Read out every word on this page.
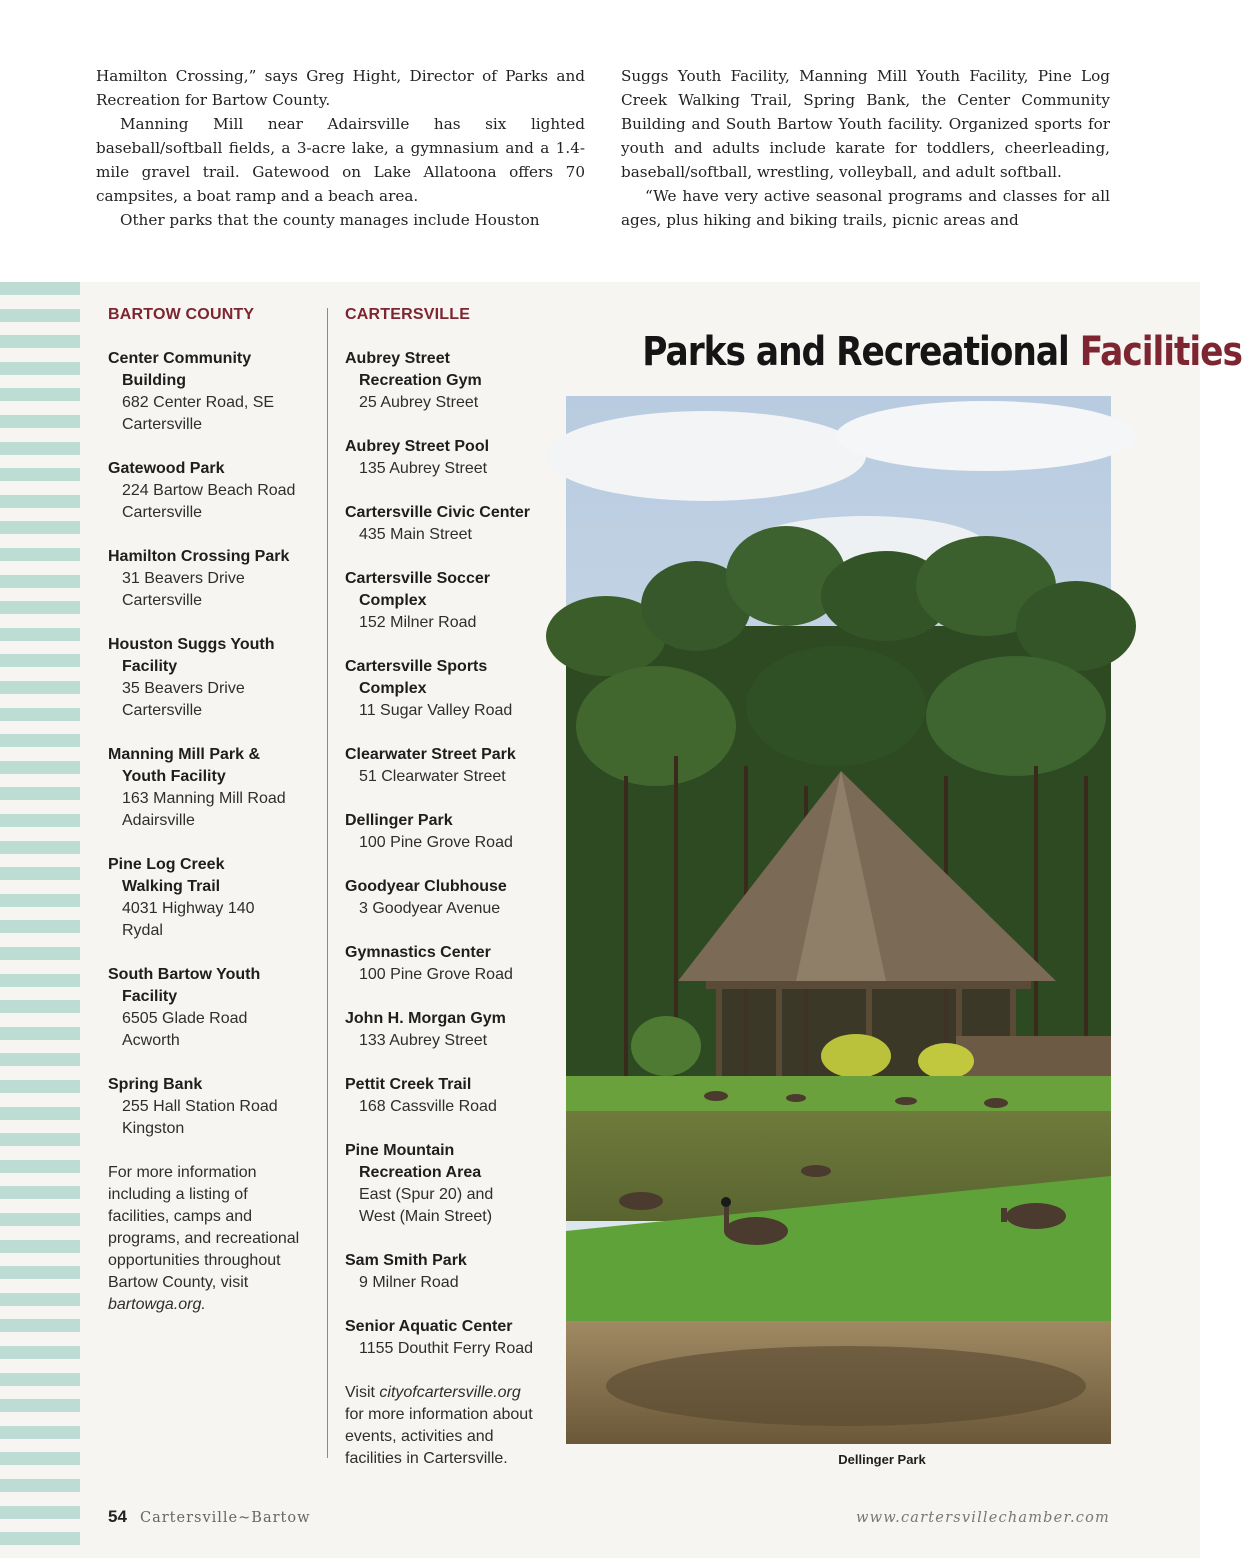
Hamilton Crossing,” says Greg Hight, Director of Parks and Recreation for Bartow County.

Manning Mill near Adairsville has six lighted baseball/softball fields, a 3-acre lake, a gymnasium and a 1.4-mile gravel trail. Gatewood on Lake Allatoona offers 70 campsites, a boat ramp and a beach area.

Other parks that the county manages include Houston

Suggs Youth Facility, Manning Mill Youth Facility, Pine Log Creek Walking Trail, Spring Bank, the Center Community Building and South Bartow Youth facility. Organized sports for youth and adults include karate for toddlers, cheerleading, baseball/softball, wrestling, volleyball, and adult softball.

“We have very active seasonal programs and classes for all ages, plus hiking and biking trails, picnic areas and

BARTOW COUNTY
Center Community
Building
682 Center Road, SE
Cartersville
Gatewood Park
224 Bartow Beach Road
Cartersville
Hamilton Crossing Park
31 Beavers Drive
Cartersville
Houston Suggs Youth
Facility
35 Beavers Drive
Cartersville
Manning Mill Park &
Youth Facility
163 Manning Mill Road
Adairsville
Pine Log Creek
Walking Trail
4031 Highway 140
Rydal
South Bartow Youth
Facility
6505 Glade Road
Acworth
Spring Bank
255 Hall Station Road
Kingston
For more information
including a listing of
facilities, camps and
programs, and recreational
opportunities throughout
Bartow County, visit
bartowga.org.
CARTERSVILLE
Aubrey Street
Recreation Gym
25 Aubrey Street
Aubrey Street Pool
135 Aubrey Street
Cartersville Civic Center
435 Main Street
Cartersville Soccer
Complex
152 Milner Road
Cartersville Sports
Complex
11 Sugar Valley Road
Clearwater Street Park
51 Clearwater Street
Dellinger Park
100 Pine Grove Road
Goodyear Clubhouse
3 Goodyear Avenue
Gymnastics Center
100 Pine Grove Road
John H. Morgan Gym
133 Aubrey Street
Pettit Creek Trail
168 Cassville Road
Pine Mountain
Recreation Area
East (Spur 20) and
West (Main Street)
Sam Smith Park
9 Milner Road
Senior Aquatic Center
1155 Douthit Ferry Road
Visit cityofcartersville.org
for more information about
events, activities and
facilities in Cartersville.
Parks and Recreational Facilities
Dellinger Park
54 Cartersville~Bartow	www.cartersvillechamber.com
